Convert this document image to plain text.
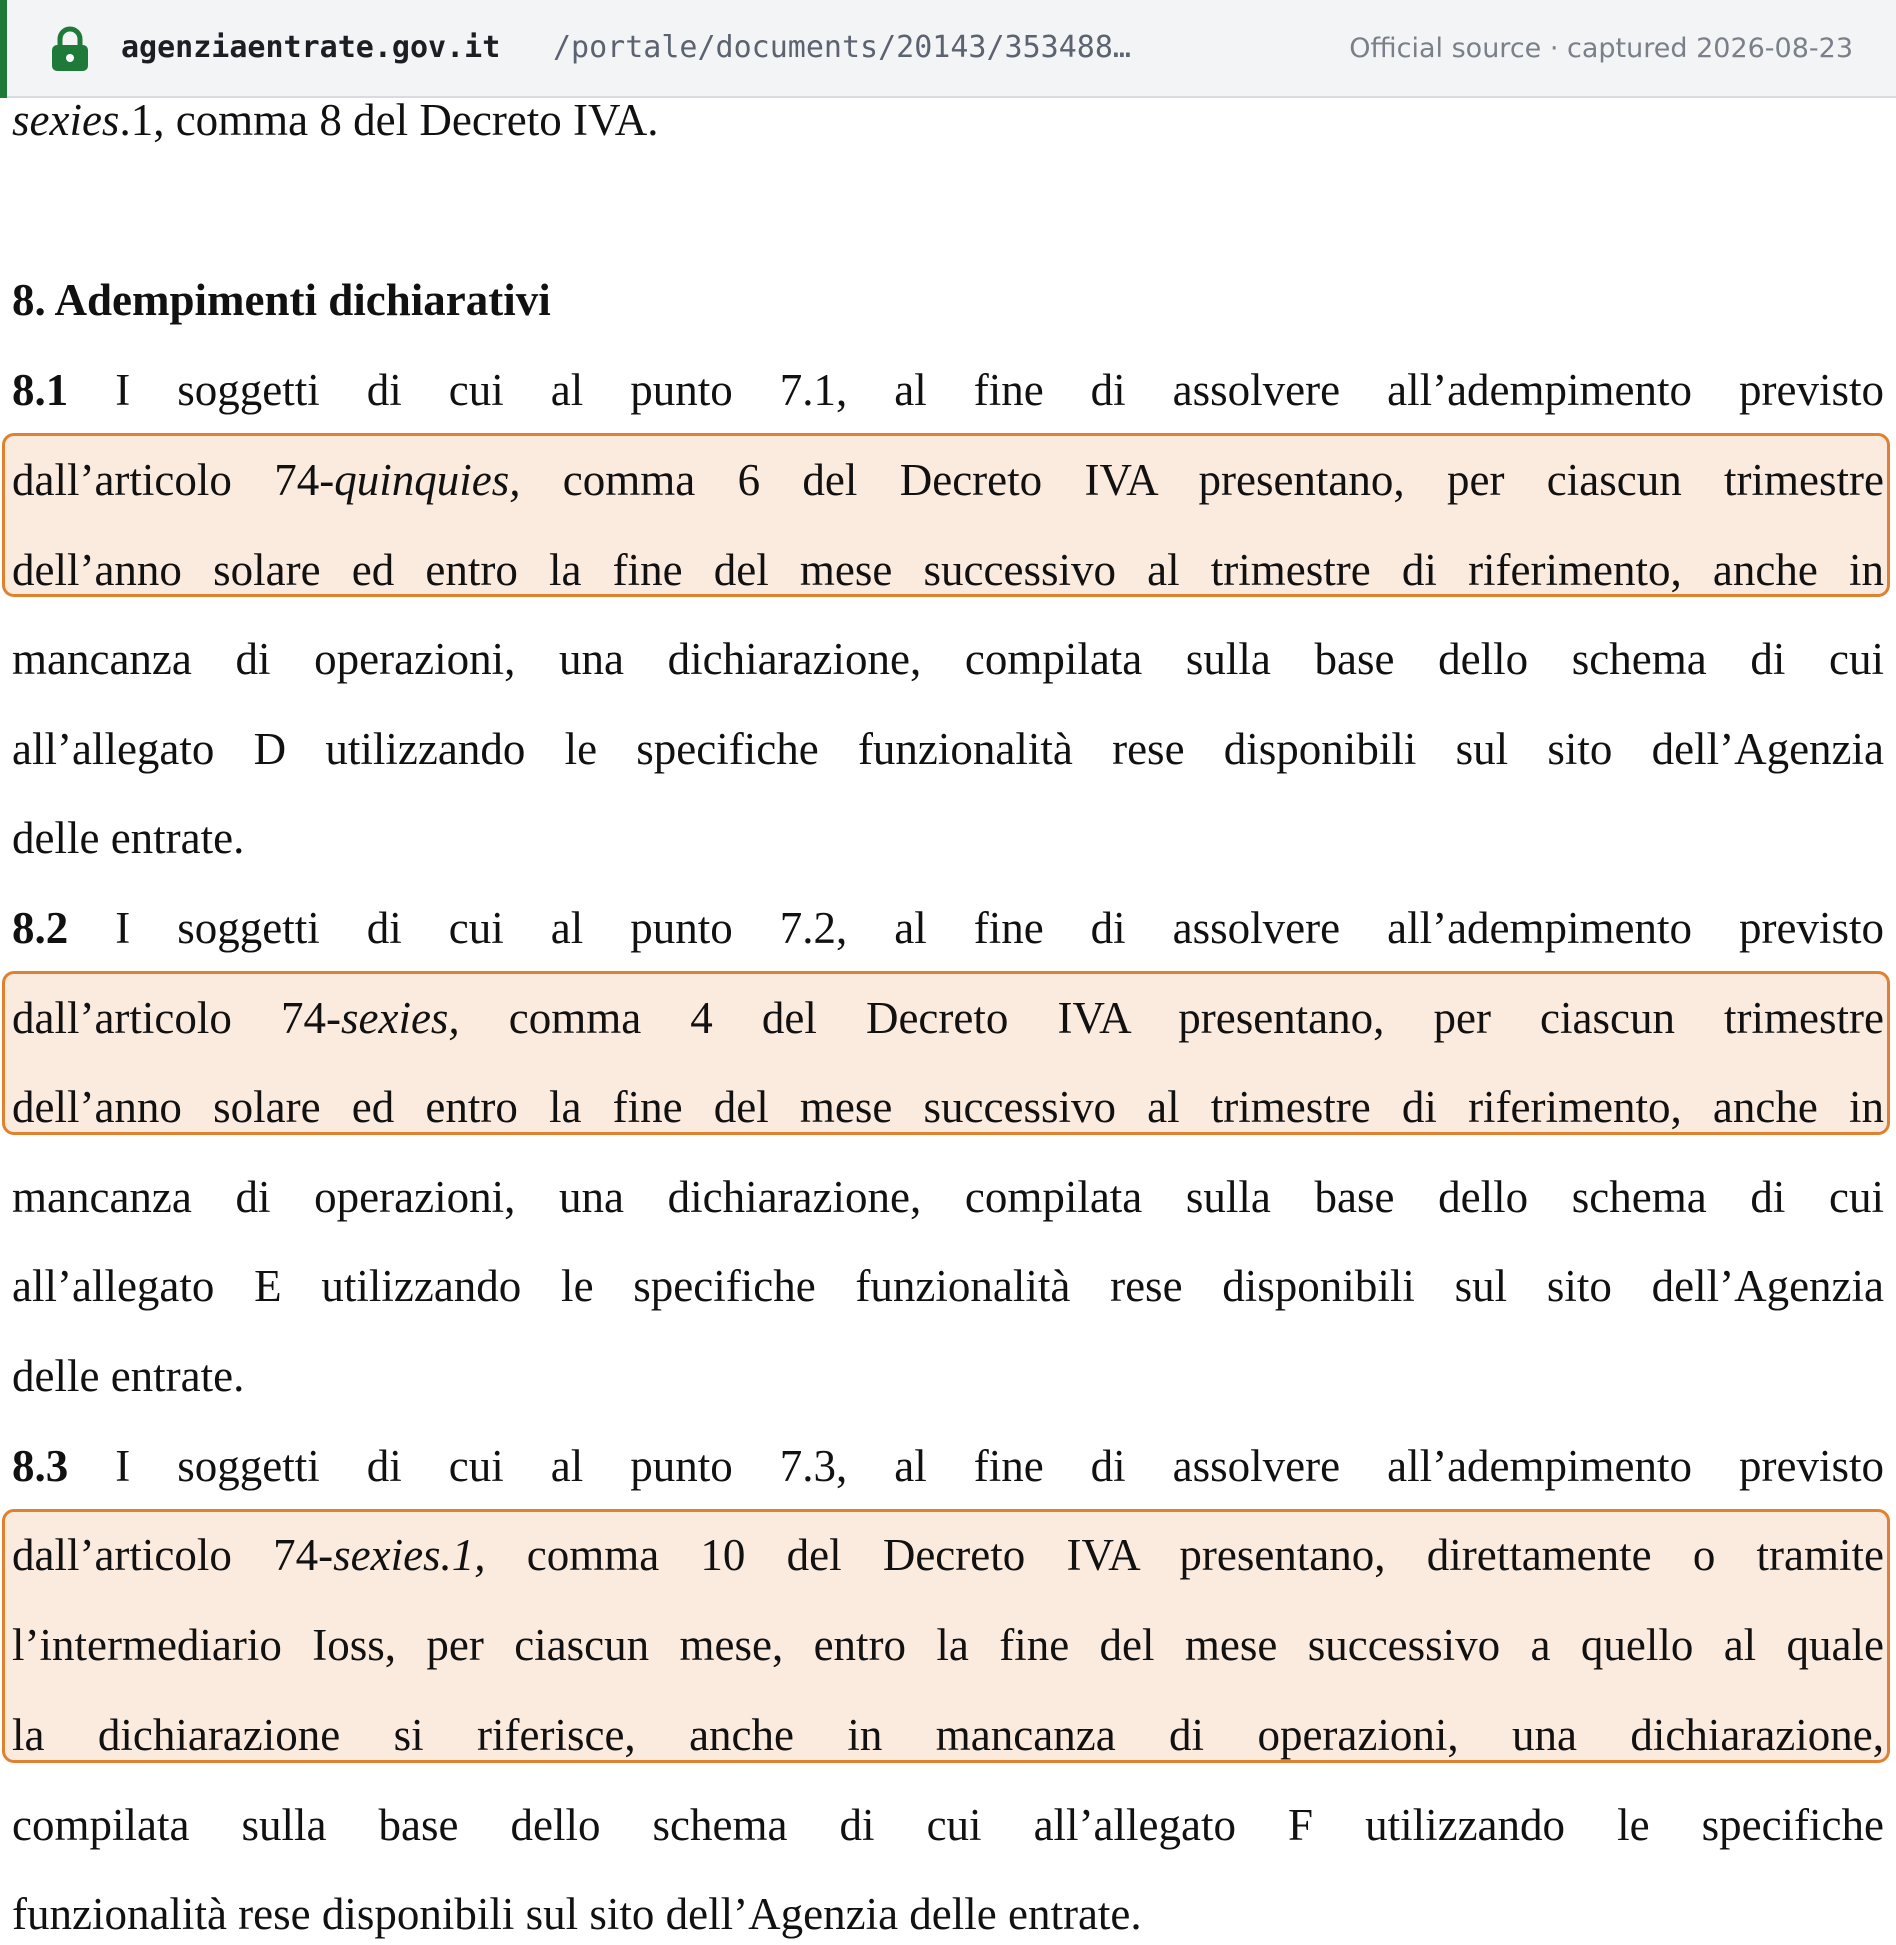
agenziaentrate.gov.it /portale/documents/20143/353488…	Official source · captured 2026-08-23
sexies.1, comma 8 del Decreto IVA.
8. Adempimenti dichiarativi
8.1 I soggetti di cui al punto 7.1, al fine di assolvere all’adempimento previsto
dall’articolo 74-quinquies, comma 6 del Decreto IVA presentano, per ciascun trimestre
dell’anno solare ed entro la fine del mese successivo al trimestre di riferimento, anche in
mancanza di operazioni, una dichiarazione, compilata sulla base dello schema di cui
all’allegato D utilizzando le specifiche funzionalità rese disponibili sul sito dell’Agenzia
delle entrate.
8.2 I soggetti di cui al punto 7.2, al fine di assolvere all’adempimento previsto
dall’articolo 74-sexies, comma 4 del Decreto IVA presentano, per ciascun trimestre
dell’anno solare ed entro la fine del mese successivo al trimestre di riferimento, anche in
mancanza di operazioni, una dichiarazione, compilata sulla base dello schema di cui
all’allegato E utilizzando le specifiche funzionalità rese disponibili sul sito dell’Agenzia
delle entrate.
8.3 I soggetti di cui al punto 7.3, al fine di assolvere all’adempimento previsto
dall’articolo 74-sexies.1, comma 10 del Decreto IVA presentano, direttamente o tramite
l’intermediario Ioss, per ciascun mese, entro la fine del mese successivo a quello al quale
la dichiarazione si riferisce, anche in mancanza di operazioni, una dichiarazione,
compilata sulla base dello schema di cui all’allegato F utilizzando le specifiche
funzionalità rese disponibili sul sito dell’Agenzia delle entrate.
